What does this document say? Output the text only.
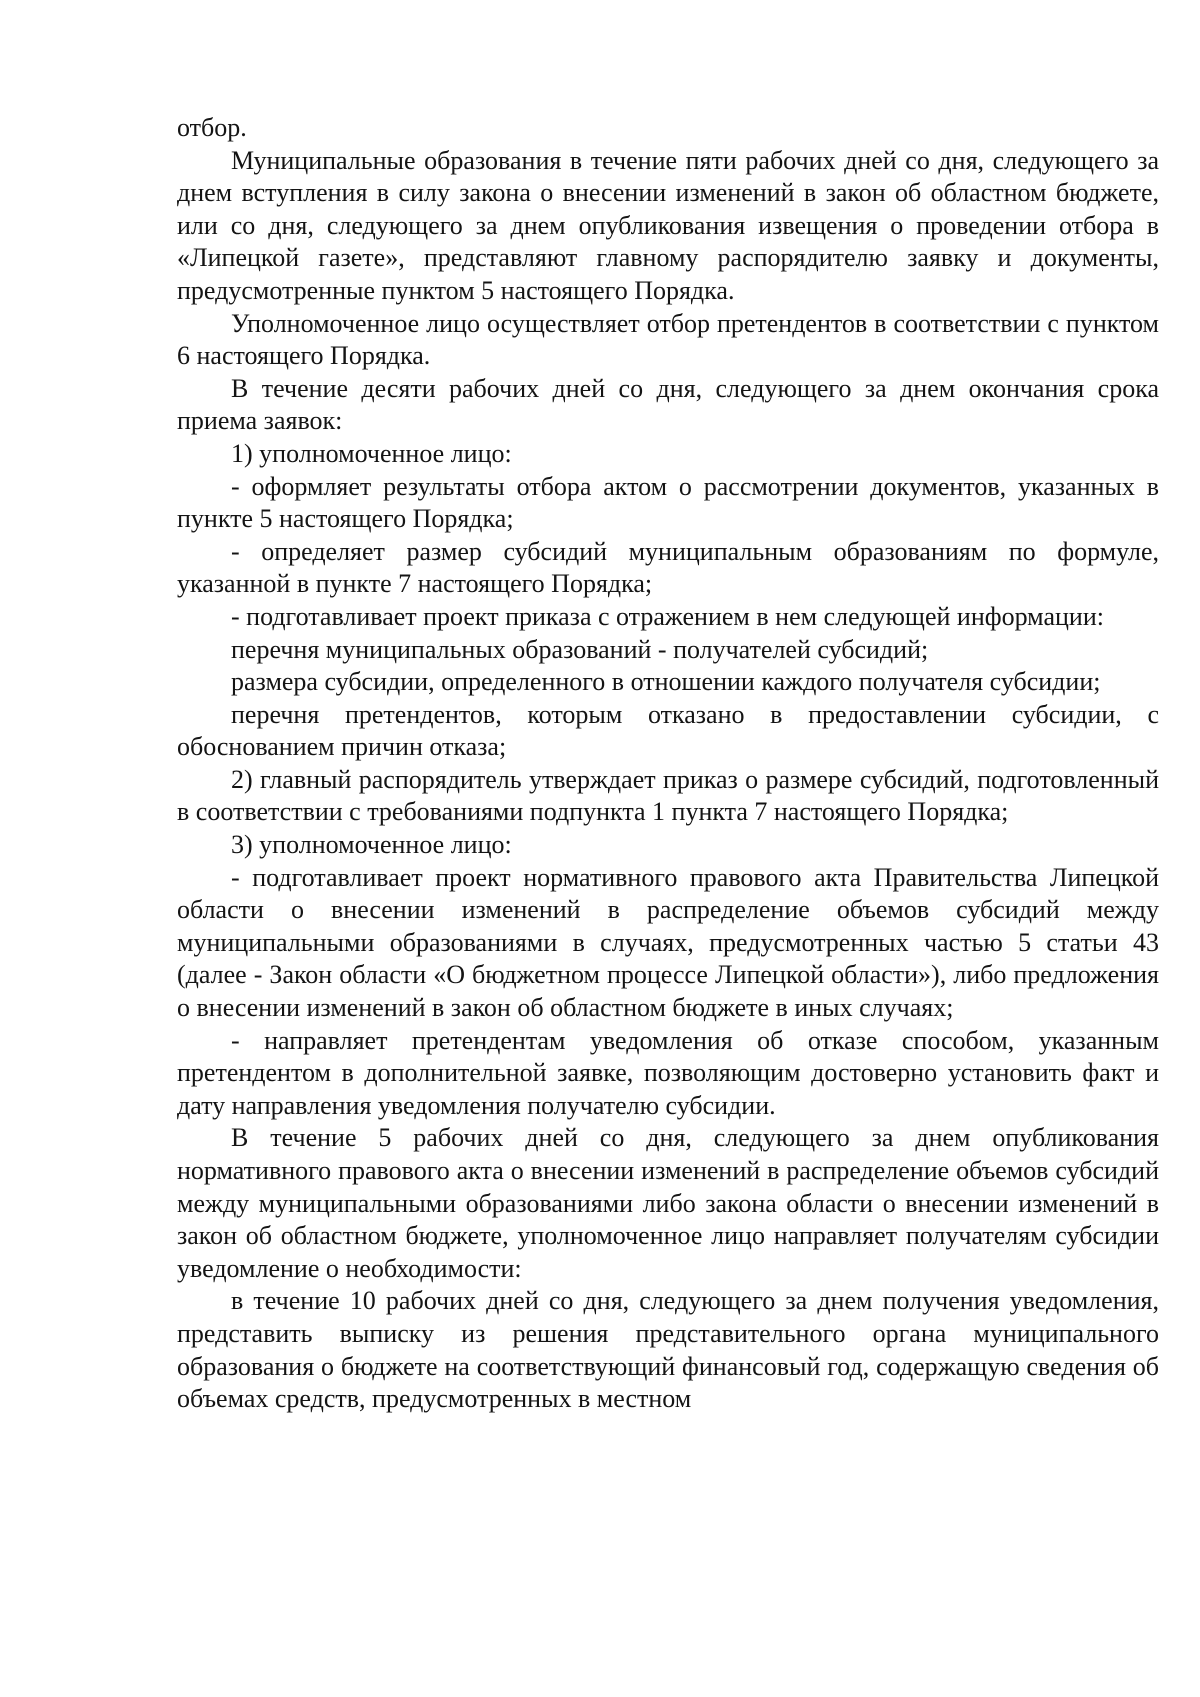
отбор.

Муниципальные образования в течение пяти рабочих дней со дня, следующего за днем вступления в силу закона о внесении изменений в закон об областном бюджете, или со дня, следующего за днем опубликования извещения о проведении отбора в «Липецкой газете», представляют главному распорядителю заявку и документы, предусмотренные пунктом 5 настоящего Порядка.

Уполномоченное лицо осуществляет отбор претендентов в соответствии с пунктом 6 настоящего Порядка.

В течение десяти рабочих дней со дня, следующего за днем окончания срока приема заявок:

1) уполномоченное лицо:

- оформляет результаты отбора актом о рассмотрении документов, указанных в пункте 5 настоящего Порядка;

- определяет размер субсидий муниципальным образованиям по формуле, указанной в пункте 7 настоящего Порядка;

- подготавливает проект приказа с отражением в нем следующей информации:

перечня муниципальных образований - получателей субсидий;

размера субсидии, определенного в отношении каждого получателя субсидии;

перечня претендентов, которым отказано в предоставлении субсидии, с обоснованием причин отказа;

2) главный распорядитель утверждает приказ о размере субсидий, подготовленный в соответствии с требованиями подпункта 1 пункта 7 настоящего Порядка;

3) уполномоченное лицо:

- подготавливает проект нормативного правового акта Правительства Липецкой области о внесении изменений в распределение объемов субсидий между муниципальными образованиями в случаях, предусмотренных частью 5 статьи 43 (далее - Закон области «О бюджетном процессе Липецкой области»), либо предложения о внесении изменений в закон об областном бюджете в иных случаях;

- направляет претендентам уведомления об отказе способом, указанным претендентом в дополнительной заявке, позволяющим достоверно установить факт и дату направления уведомления получателю субсидии.

В течение 5 рабочих дней со дня, следующего за днем опубликования нормативного правового акта о внесении изменений в распределение объемов субсидий между муниципальными образованиями либо закона области о внесении изменений в закон об областном бюджете, уполномоченное лицо направляет получателям субсидии уведомление о необходимости:

в течение 10 рабочих дней со дня, следующего за днем получения уведомления, представить выписку из решения представительного органа муниципального образования о бюджете на соответствующий финансовый год, содержащую сведения об объемах средств, предусмотренных в местном
